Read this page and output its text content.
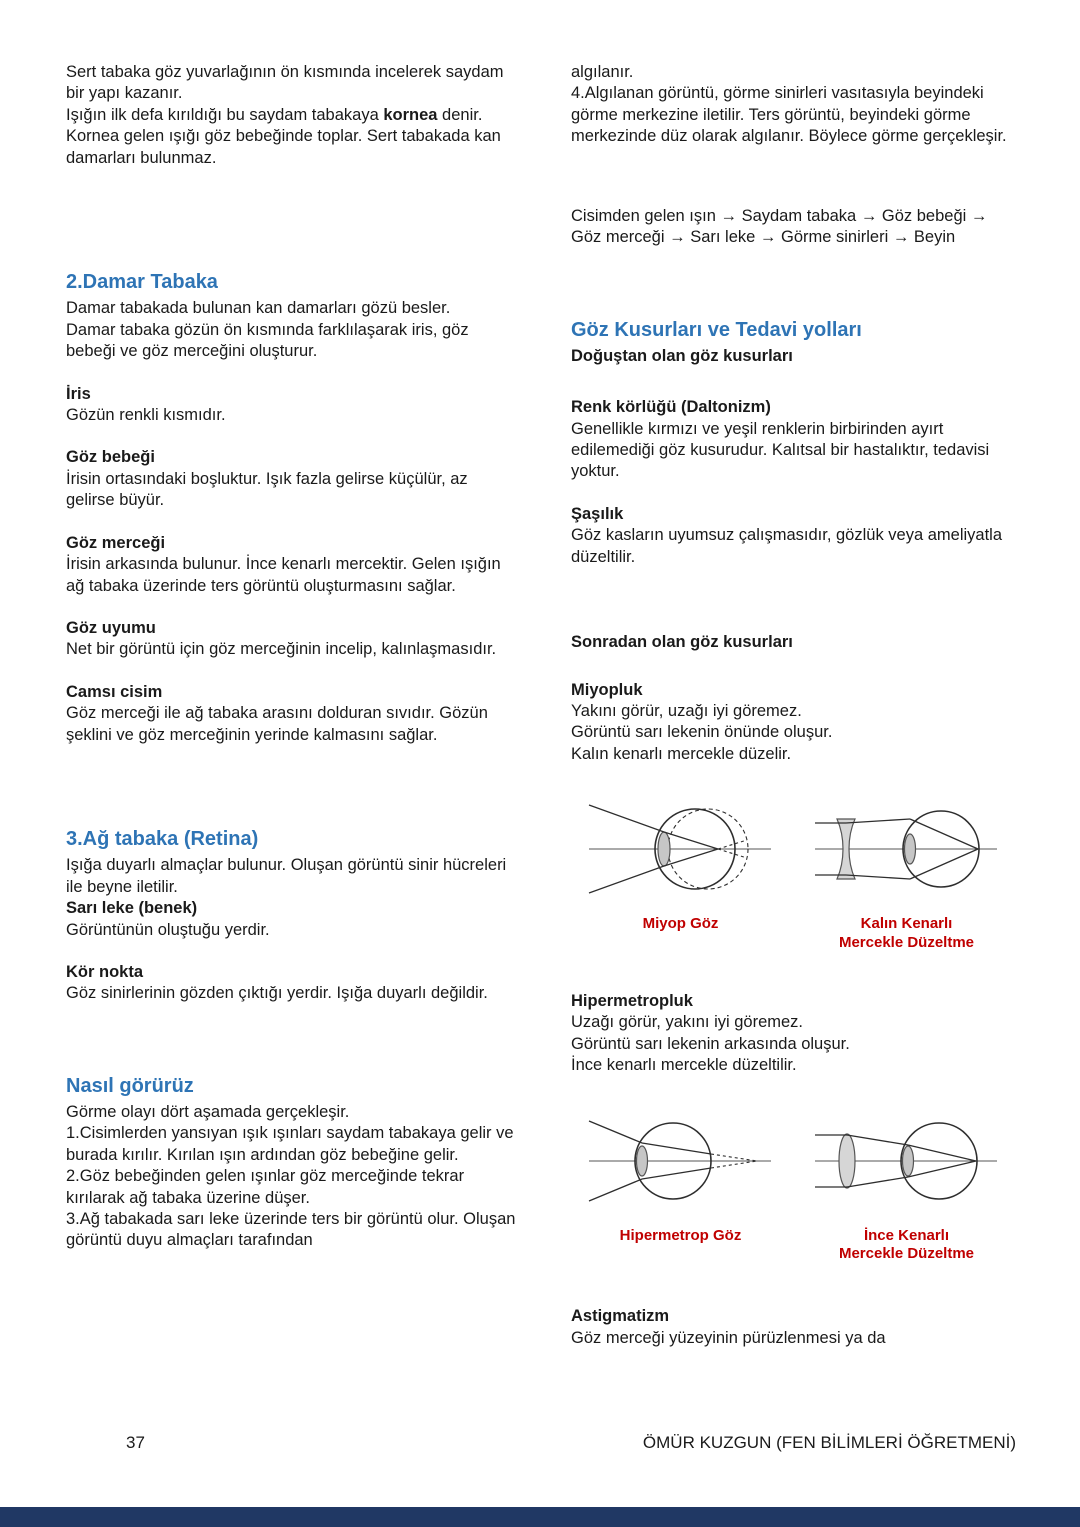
Sert tabaka göz yuvarlağının ön kısmında incelerek saydam bir yapı kazanır.

Işığın ilk defa kırıldığı bu saydam tabakaya kornea denir. Kornea gelen ışığı göz bebeğinde toplar. Sert tabakada kan damarları bulunmaz.

2.Damar Tabaka

Damar tabakada bulunan kan damarları gözü besler.

Damar tabaka gözün ön kısmında farklılaşarak iris, göz bebeği ve göz merceğini oluşturur.

İris

Gözün renkli kısmıdır.

Göz bebeği

İrisin ortasındaki boşluktur. Işık fazla gelirse küçülür, az gelirse büyür.

Göz merceği

İrisin arkasında bulunur. İnce kenarlı mercektir. Gelen ışığın ağ tabaka üzerinde ters görüntü oluşturmasını sağlar.

Göz uyumu

Net bir görüntü için göz merceğinin incelip, kalınlaşmasıdır.

Camsı cisim

Göz merceği ile ağ tabaka arasını dolduran sıvıdır. Gözün şeklini ve göz merceğinin yerinde kalmasını sağlar.

3.Ağ tabaka (Retina)

Işığa duyarlı almaçlar bulunur. Oluşan görüntü sinir hücreleri ile beyne iletilir.

Sarı leke (benek)

Görüntünün oluştuğu yerdir.

Kör nokta

Göz sinirlerinin gözden çıktığı yerdir. Işığa duyarlı değildir.

Nasıl görürüz

Görme olayı dört aşamada gerçekleşir.

1.Cisimlerden yansıyan ışık ışınları saydam tabakaya gelir ve burada kırılır. Kırılan ışın ardından göz bebeğine gelir.

2.Göz bebeğinden gelen ışınlar göz merceğinde tekrar kırılarak ağ tabaka üzerine düşer.

3.Ağ tabakada sarı leke üzerinde ters bir görüntü olur. Oluşan görüntü duyu almaçları tarafından

algılanır.

4.Algılanan görüntü, görme sinirleri vasıtasıyla beyindeki görme merkezine iletilir. Ters görüntü, beyindeki görme merkezinde düz olarak algılanır. Böylece görme gerçekleşir.

Cisimden gelen ışın → Saydam tabaka → Göz bebeği → Göz merceği → Sarı leke → Görme sinirleri → Beyin

Göz Kusurları ve Tedavi yolları

Doğuştan olan göz kusurları

Renk körlüğü (Daltonizm)

Genellikle kırmızı ve yeşil renklerin birbirinden ayırt edilemediği göz kusurudur. Kalıtsal bir hastalıktır, tedavisi yoktur.

Şaşılık

Göz kasların uyumsuz çalışmasıdır, gözlük veya ameliyatla düzeltilir.

Sonradan olan göz kusurları

Miyopluk

Yakını görür, uzağı iyi göremez.

Görüntü sarı lekenin önünde oluşur.

Kalın kenarlı mercekle düzelir.

Miyop Göz	Kalın Kenarlı
Mercekle Düzeltme

Hipermetropluk

Uzağı görür, yakını iyi göremez.

Görüntü sarı lekenin arkasında oluşur.

İnce kenarlı mercekle düzeltilir.

Hipermetrop Göz	İnce Kenarlı
Mercekle Düzeltme

Astigmatizm

Göz merceği yüzeyinin pürüzlenmesi ya da

37	ÖMÜR KUZGUN (FEN BİLİMLERİ ÖĞRETMENİ)
